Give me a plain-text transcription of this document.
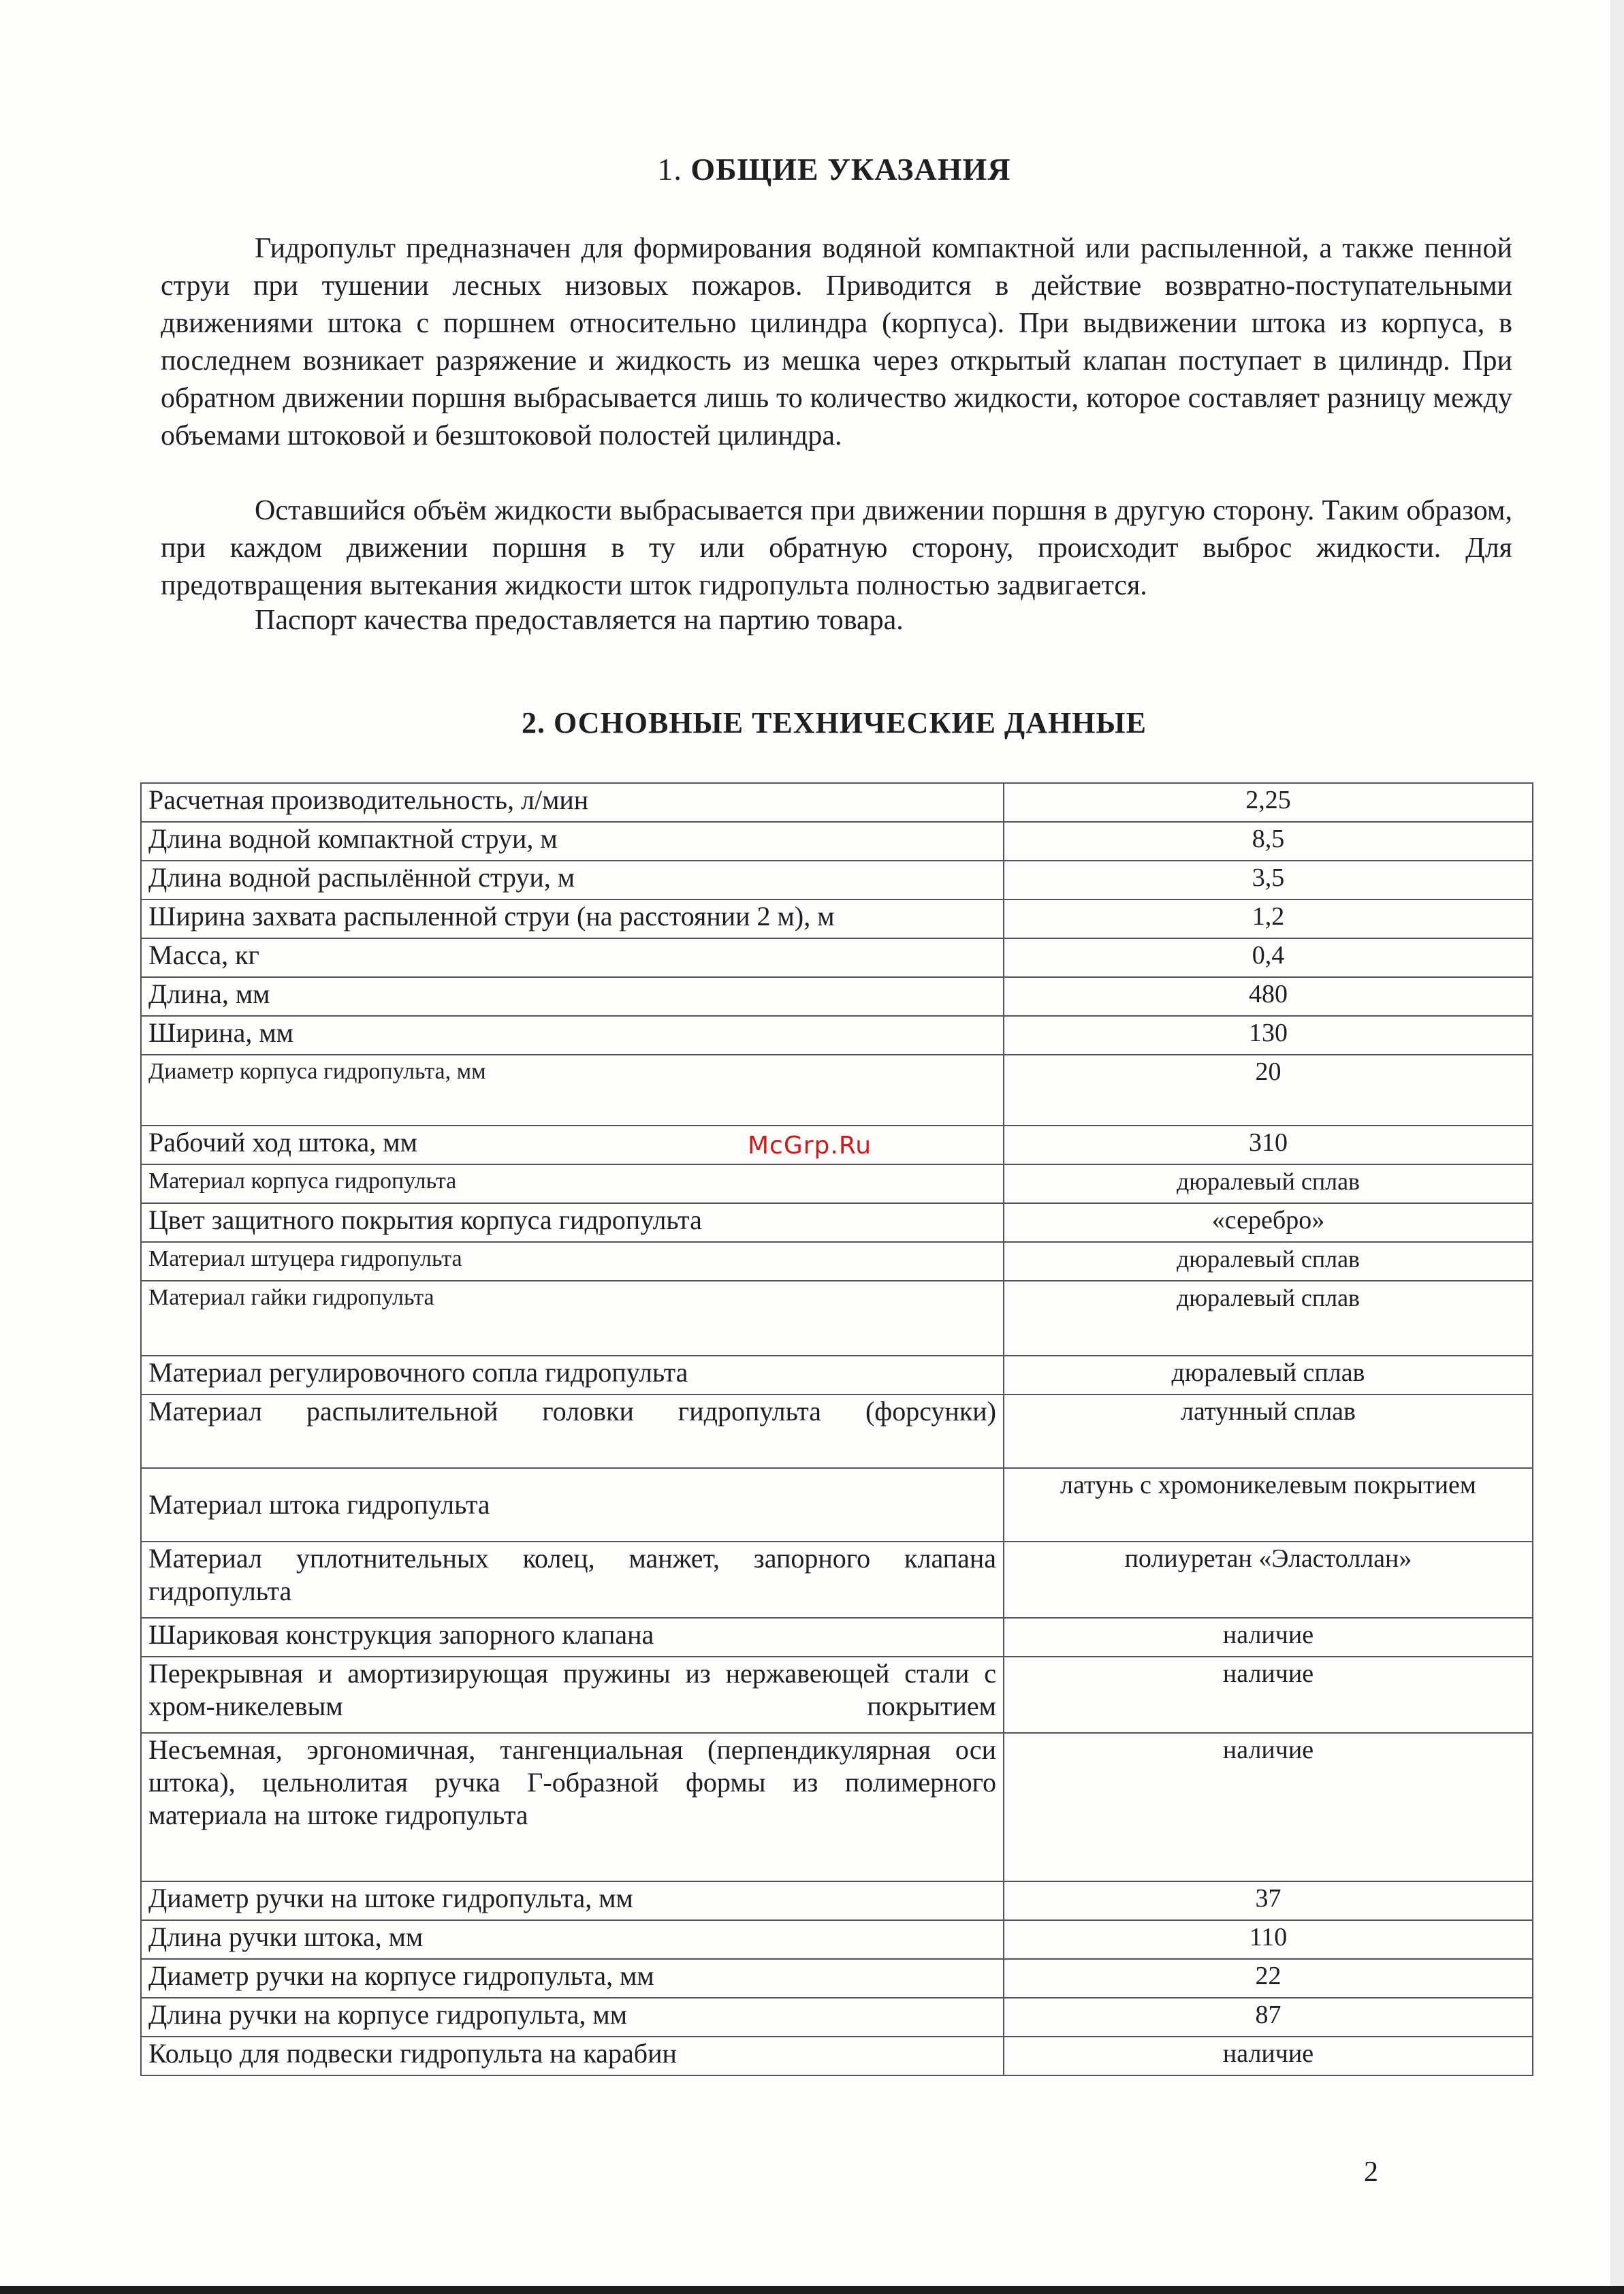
1. ОБЩИЕ УКАЗАНИЯ

Гидропульт предназначен для формирования водяной компактной или распыленной, а также пенной струи при тушении лесных низовых пожаров. Приводится в действие возвратно-поступательными движениями штока с поршнем относительно цилиндра (корпуса). При выдвижении штока из корпуса, в последнем возникает разряжение и жидкость из мешка через открытый клапан поступает в цилиндр. При обратном движении поршня выбрасывается лишь то количество жидкости, которое составляет разницу между объемами штоковой и безштоковой полостей цилиндра.

Оставшийся объём жидкости выбрасывается при движении поршня в другую сторону. Таким образом, при каждом движении поршня в ту или обратную сторону, происходит выброс жидкости. Для предотвращения вытекания жидкости шток гидропульта полностью задвигается.

Паспорт качества предоставляется на партию товара.

2. ОСНОВНЫЕ ТЕХНИЧЕСКИЕ ДАННЫЕ
Расчетная производительность, л/мин	2,25
Длина водной компактной струи, м	8,5
Длина водной распылённой струи, м	3,5
Ширина захвата распыленной струи (на расстоянии 2 м), м	1,2
Масса, кг	0,4
Длина, мм	480
Ширина, мм	130
Диаметр корпуса гидропульта, мм	20
Рабочий ход штока, мм	310
Материал корпуса гидропульта	дюралевый сплав
Цвет защитного покрытия корпуса гидропульта	«серебро»
Материал штуцера гидропульта	дюралевый сплав
Материал гайки гидропульта	дюралевый сплав
Материал регулировочного сопла гидропульта	дюралевый сплав
Материал распылительной головки гидропульта (форсунки)	латунный сплав
Материал штока гидропульта	латунь с хромоникелевым покрытием
Материал уплотнительных колец, манжет, запорного клапана гидропульта	полиуретан «Эластоллан»
Шариковая конструкция запорного клапана	наличие
Перекрывная и амортизирующая пружины из нержавеющей стали с хром-никелевым покрытием	наличие
Несъемная, эргономичная, тангенциальная (перпендикулярная оси штока), цельнолитая ручка Г-образной формы из полимерного материала на штоке гидропульта	наличие
Диаметр ручки на штоке гидропульта, мм	37
Длина ручки штока, мм	110
Диаметр ручки на корпусе гидропульта, мм	22
Длина ручки на корпусе гидропульта, мм	87
Кольцо для подвески гидропульта на карабин	наличие
McGrp.Ru
2
